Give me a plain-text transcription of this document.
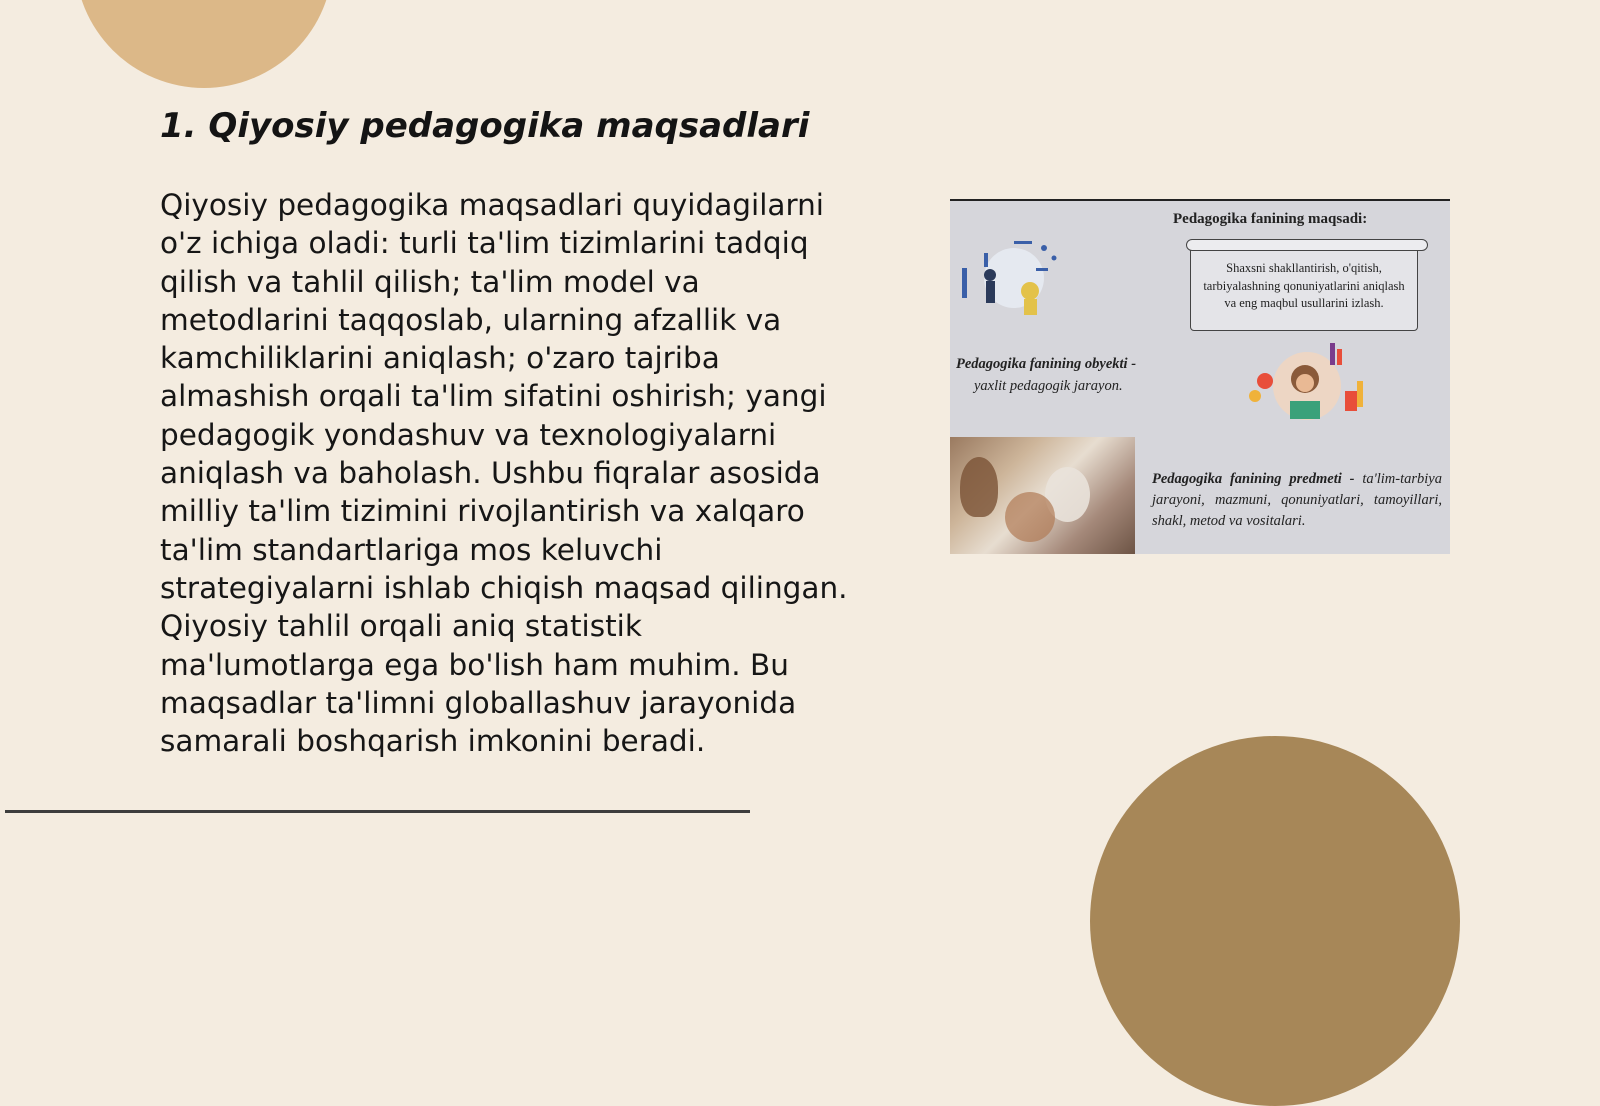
1. Qiyosiy pedagogika maqsadlari

Qiyosiy pedagogika maqsadlari quyidagilarni o'z ichiga oladi: turli ta'lim tizimlarini tadqiq qilish va tahlil qilish; ta'lim model va metodlarini taqqoslab, ularning afzallik va kamchiliklarini aniqlash; o'zaro tajriba almashish orqali ta'lim sifatini oshirish; yangi pedagogik yondashuv va texnologiyalarni aniqlash va baholash. Ushbu fiqralar asosida milliy ta'lim tizimini rivojlantirish va xalqaro ta'lim standartlariga mos keluvchi strategiyalarni ishlab chiqish maqsad qilingan. Qiyosiy tahlil orqali aniq statistik ma'lumotlarga ega bo'lish ham muhim. Bu maqsadlar ta'limni globallashuv jarayonida samarali boshqarish imkonini beradi.

Pedagogika fanining maqsadi:
Shaxsni shakllantirish, o'qitish, tarbiyalashning qonuniyatlarini aniqlash va eng maqbul usullarini izlash.
Pedagogika fanining obyekti -
yaxlit pedagogik jarayon.
Pedagogika fanining predmeti - ta'lim-tarbiya jarayoni, mazmuni, qonuniyatlari, tamoyillari, shakl, metod va vositalari.
